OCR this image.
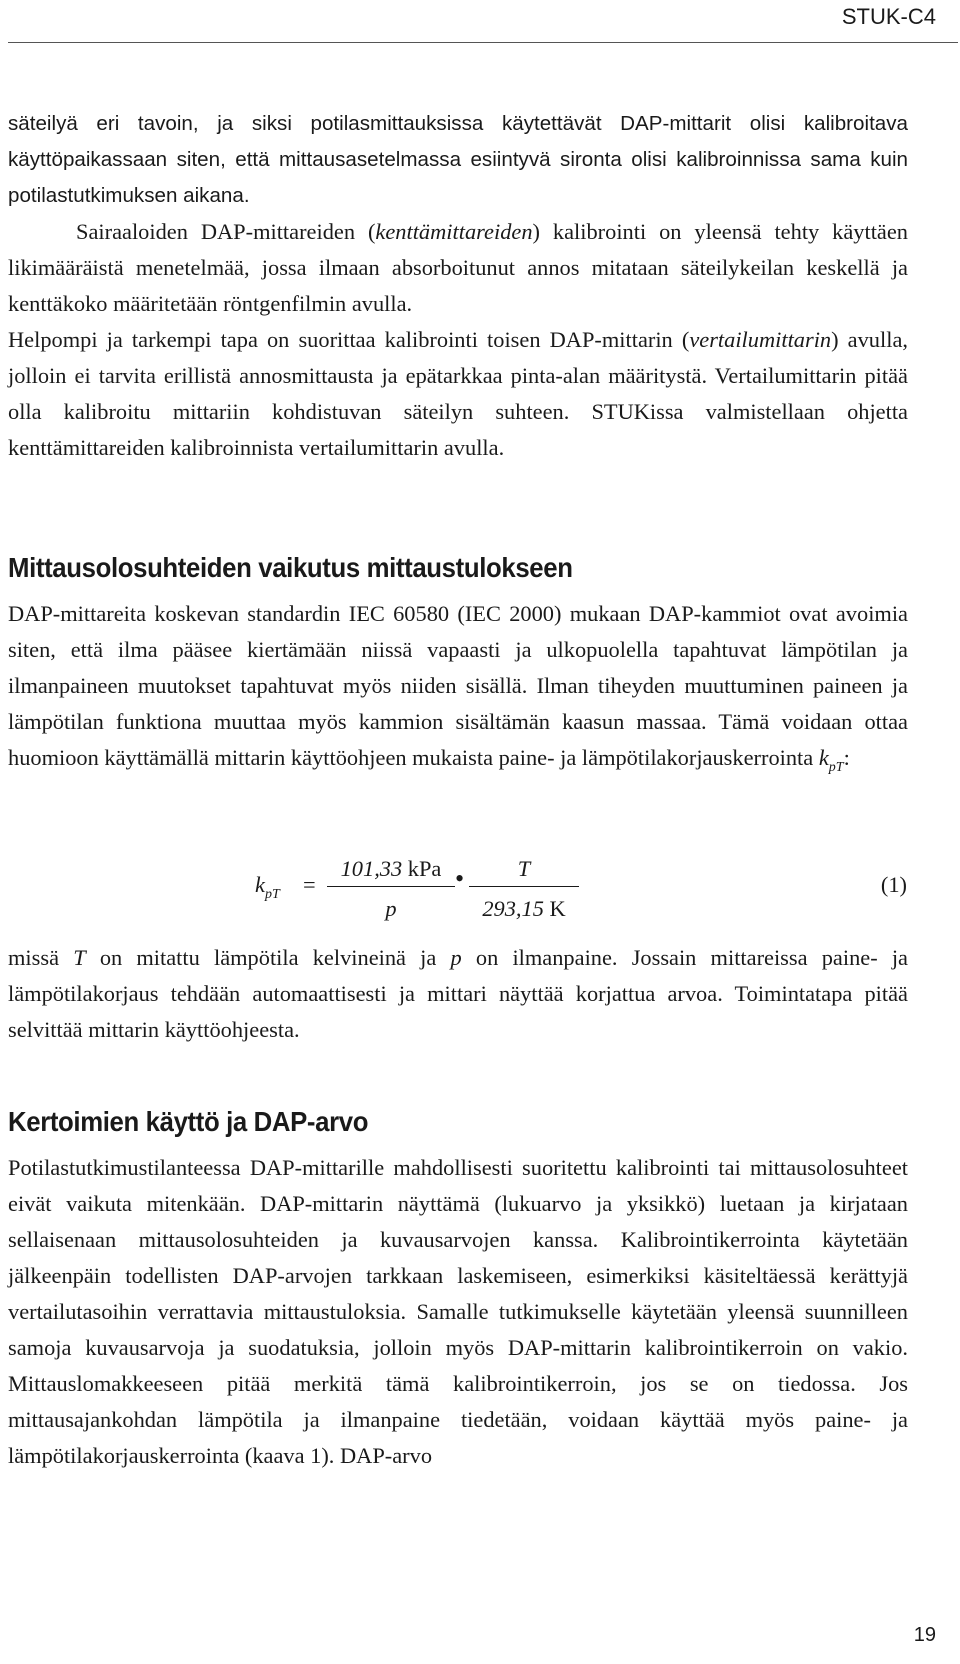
STUK-C4
säteilyä eri tavoin, ja siksi potilasmittauksissa käytettävät DAP-mittarit olisi kalibroitava käyttöpaikassaan siten, että mittausasetelmassa esiintyvä sironta olisi kalibroinnissa sama kuin potilastutkimuksen aikana.
Sairaaloiden DAP-mittareiden (kenttämittareiden) kalibrointi on yleensä tehty käyttäen likimääräistä menetelmää, jossa ilmaan absorboitunut annos mitataan säteilykeilan keskellä ja kenttäkoko määritetään röntgenfilmin avulla.
Helpompi ja tarkempi tapa on suorittaa kalibrointi toisen DAP-mittarin (vertailumittarin) avulla, jolloin ei tarvita erillistä annosmittausta ja epätarkkaa pinta-alan määritystä. Vertailumittarin pitää olla kalibroitu mittariin kohdistuvan säteilyn suhteen. STUKissa valmistellaan ohjetta kenttämittareiden kalibroinnista vertailumittarin avulla.
Mittausolosuhteiden vaikutus mittaustulokseen
DAP-mittareita koskevan standardin IEC 60580 (IEC 2000) mukaan DAP-kammiot ovat avoimia siten, että ilma pääsee kiertämään niissä vapaasti ja ulkopuolella tapahtuvat lämpötilan ja ilmanpaineen muutokset tapahtuvat myös niiden sisällä. Ilman tiheyden muuttuminen paineen ja lämpötilan funktiona muuttaa myös kammion sisältämän kaasun massaa. Tämä voidaan ottaa huomioon käyttämällä mittarin käyttöohjeen mukaista paine- ja lämpötilakorjauskerrointa $k_{pT}$:
$k_{pT}$ =
101,33 kPa
p
•	T
293,15 K
(1)
missä T on mitattu lämpötila kelvineinä ja p on ilmanpaine. Jossain mittareissa paine- ja lämpötilakorjaus tehdään automaattisesti ja mittari näyttää korjattua arvoa. Toimintatapa pitää selvittää mittarin käyttöohjeesta.
Kertoimien käyttö ja DAP-arvo
Potilastutkimustilanteessa DAP-mittarille mahdollisesti suoritettu kalibrointi tai mittausolosuhteet eivät vaikuta mitenkään. DAP-mittarin näyttämä (lukuarvo ja yksikkö) luetaan ja kirjataan sellaisenaan mittausolosuhteiden ja kuvausarvojen kanssa. Kalibrointikerrointa käytetään jälkeenpäin todellisten DAP-arvojen tarkkaan laskemiseen, esimerkiksi käsiteltäessä kerättyjä vertailutasoihin verrattavia mittaustuloksia. Samalle tutkimukselle käytetään yleensä suunnilleen samoja kuvausarvoja ja suodatuksia, jolloin myös DAP-mittarin kalibrointikerroin on vakio. Mittauslomakkeeseen pitää merkitä tämä kalibrointikerroin, jos se on tiedossa. Jos mittausajankohdan lämpötila ja ilmanpaine tiedetään, voidaan käyttää myös paine- ja lämpötilakorjauskerrointa (kaava 1). DAP-arvo
19
